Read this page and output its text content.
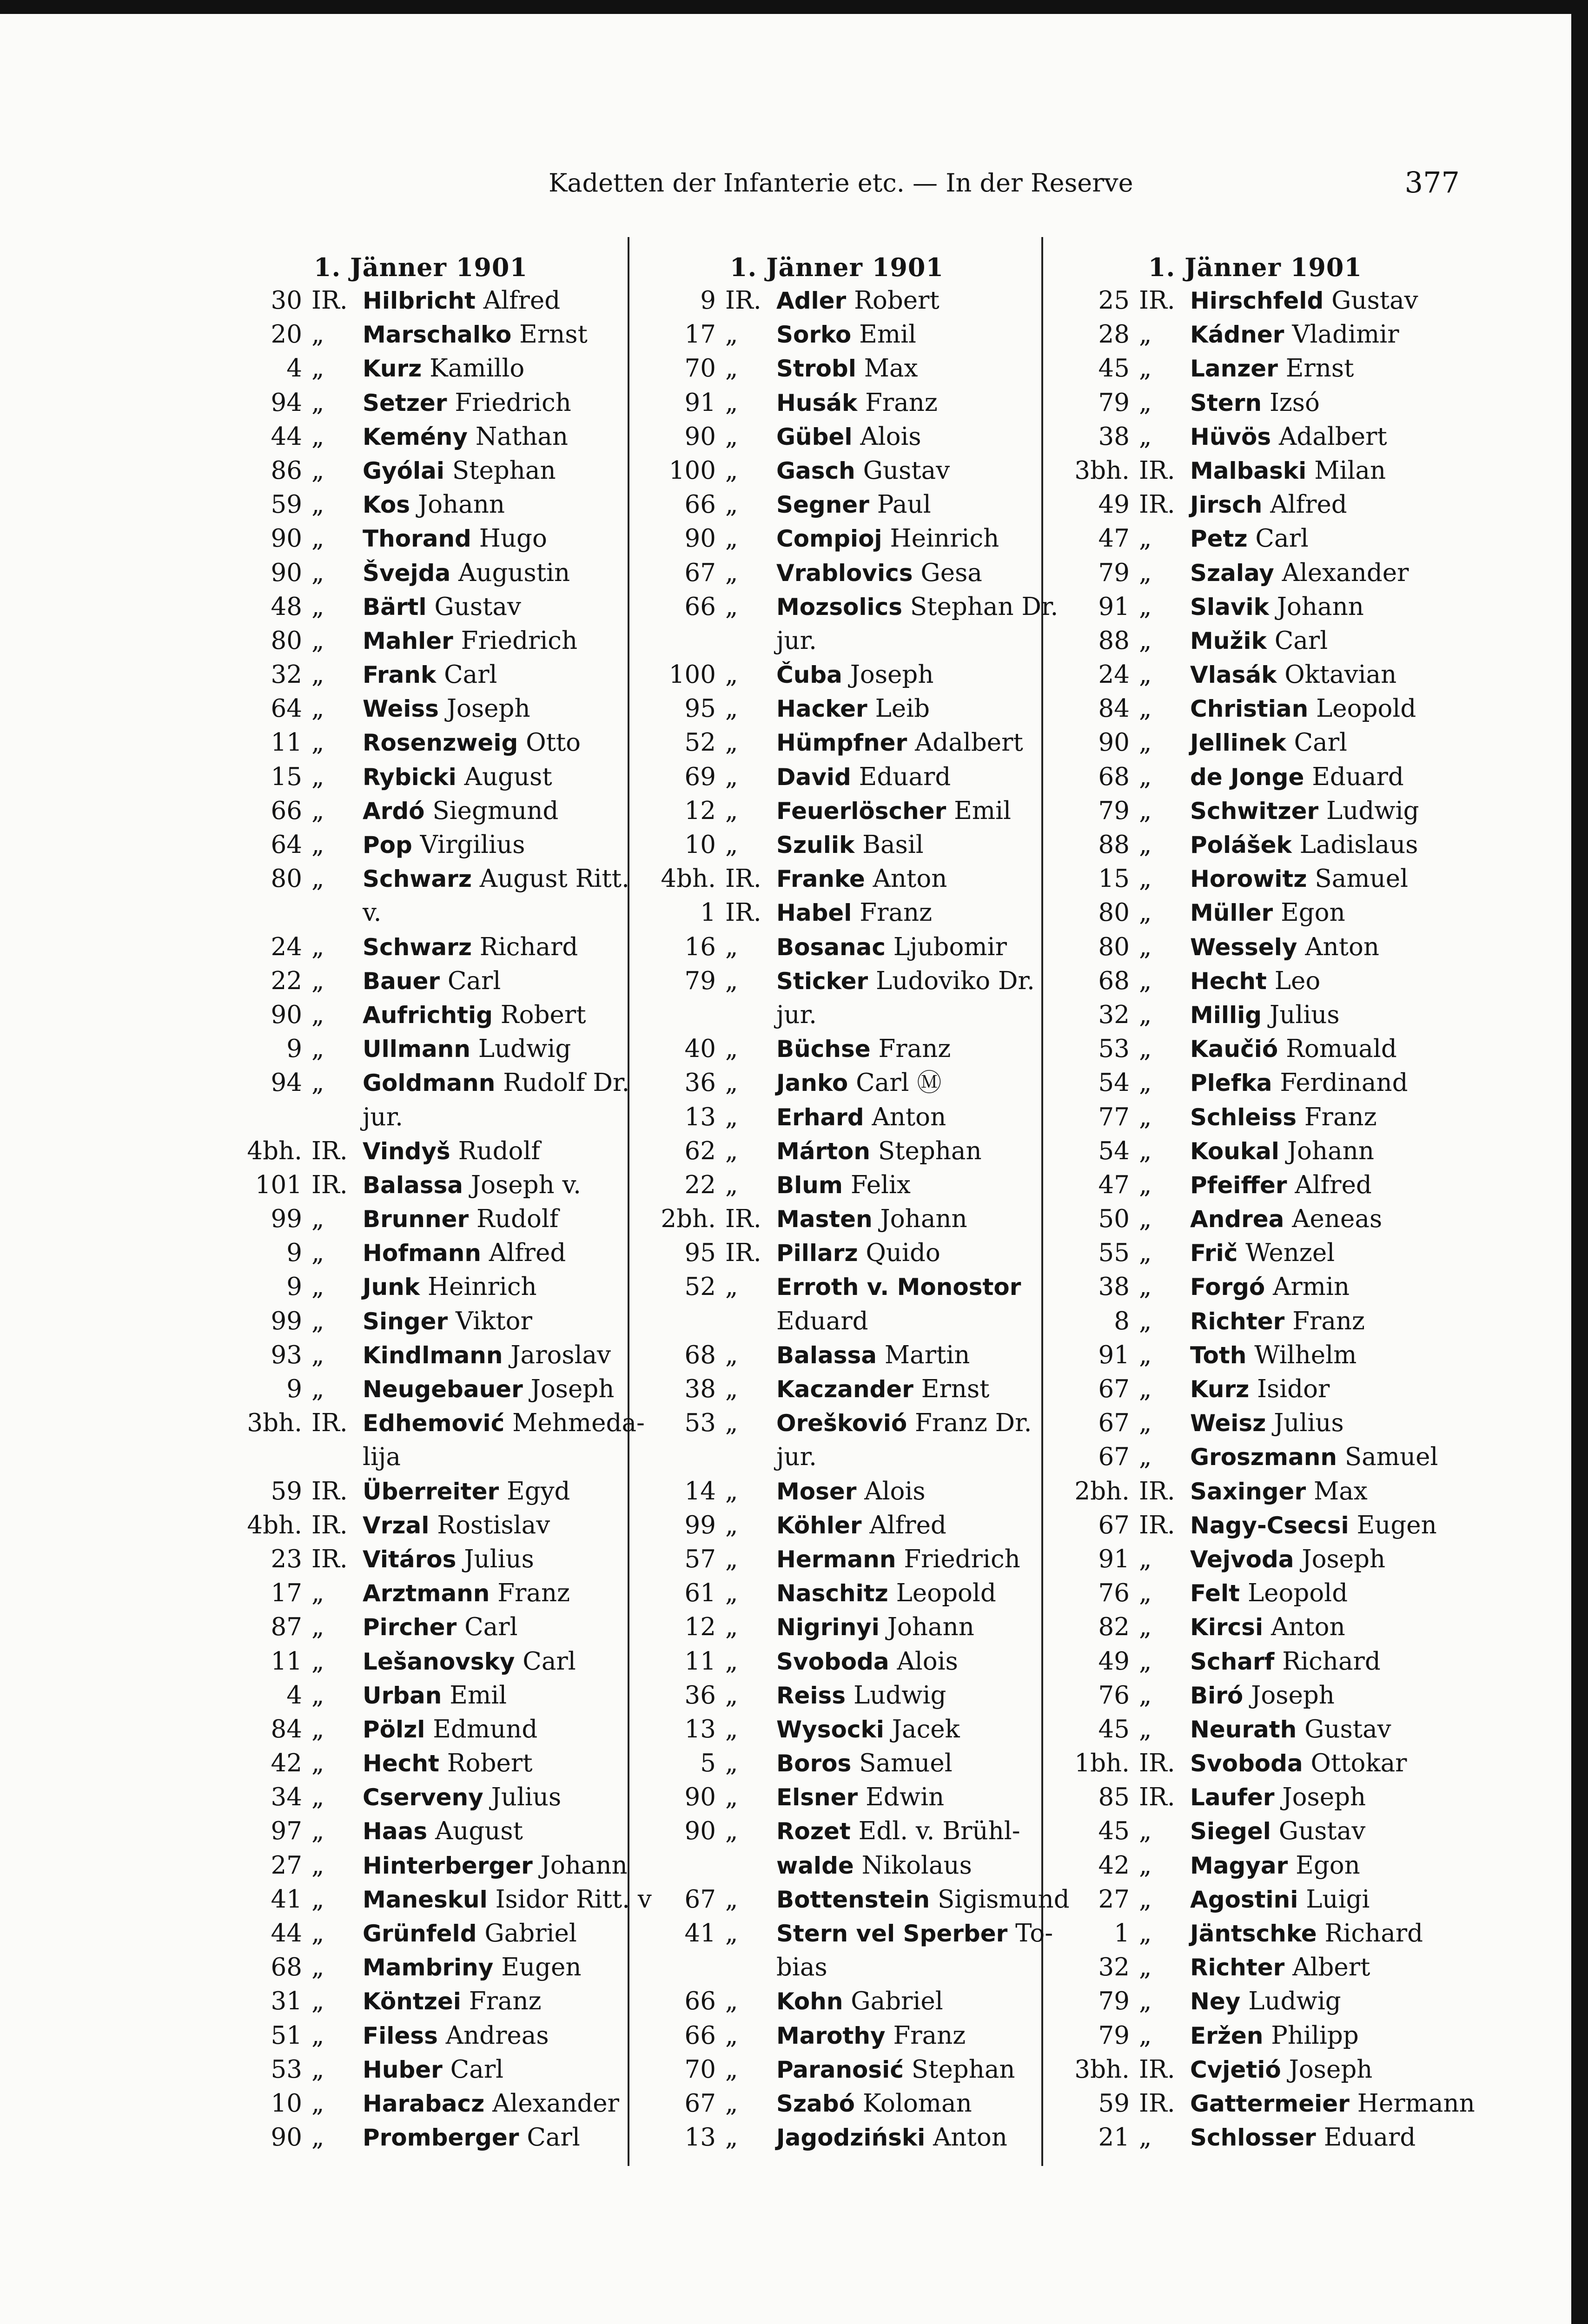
Kadetten der Infanterie etc. — In der Reserve	377
1. Jänner 1901
30 IR. Hilbricht Alfred
20 „ Marschalko Ernst
4 „ Kurz Kamillo
94 „ Setzer Friedrich
44 „ Kemény Nathan
86 „ Gyólai Stephan
59 „ Kos Johann
90 „ Thorand Hugo
90 „ Švejda Augustin
48 „ Bärtl Gustav
80 „ Mahler Friedrich
32 „ Frank Carl
64 „ Weiss Joseph
11 „ Rosenzweig Otto
15 „ Rybicki August
66 „ Ardó Siegmund
64 „ Pop Virgilius
80 „ Schwarz August Ritt.
v.
24 „ Schwarz Richard
22 „ Bauer Carl
90 „ Aufrichtig Robert
9 „ Ullmann Ludwig
94 „ Goldmann Rudolf Dr.
jur.
4bh. IR. Vindyš Rudolf
101 IR. Balassa Joseph v.
99 „ Brunner Rudolf
9 „ Hofmann Alfred
9 „ Junk Heinrich
99 „ Singer Viktor
93 „ Kindlmann Jaroslav
9 „ Neugebauer Joseph
3bh. IR. Edhemović Mehmeda-
lija
59 IR. Überreiter Egyd
4bh. IR. Vrzal Rostislav
23 IR. Vitáros Julius
17 „ Arztmann Franz
87 „ Pircher Carl
11 „ Lešanovsky Carl
4 „ Urban Emil
84 „ Pölzl Edmund
42 „ Hecht Robert
34 „ Cserveny Julius
97 „ Haas August
27 „ Hinterberger Johann
41 „ Maneskul Isidor Ritt. v
44 „ Grünfeld Gabriel
68 „ Mambriny Eugen
31 „ Köntzei Franz
51 „ Filess Andreas
53 „ Huber Carl
10 „ Harabacz Alexander
90 „ Promberger Carl
1. Jänner 1901
9 IR. Adler Robert
17 „ Sorko Emil
70 „ Strobl Max
91 „ Husák Franz
90 „ Gübel Alois
100 „ Gasch Gustav
66 „ Segner Paul
90 „ Compioj Heinrich
67 „ Vrablovics Gesa
66 „ Mozsolics Stephan Dr.
jur.
100 „ Čuba Joseph
95 „ Hacker Leib
52 „ Hümpfner Adalbert
69 „ David Eduard
12 „ Feuerlöscher Emil
10 „ Szulik Basil
4bh. IR. Franke Anton
1 IR. Habel Franz
16 „ Bosanac Ljubomir
79 „ Sticker Ludoviko Dr.
jur.
40 „ Büchse Franz
36 „ Janko Carl Ⓜ
13 „ Erhard Anton
62 „ Márton Stephan
22 „ Blum Felix
2bh. IR. Masten Johann
95 IR. Pillarz Quido
52 „ Erroth v. Monostor
Eduard
68 „ Balassa Martin
38 „ Kaczander Ernst
53 „ Oreškovió Franz Dr.
jur.
14 „ Moser Alois
99 „ Köhler Alfred
57 „ Hermann Friedrich
61 „ Naschitz Leopold
12 „ Nigrinyi Johann
11 „ Svoboda Alois
36 „ Reiss Ludwig
13 „ Wysocki Jacek
5 „ Boros Samuel
90 „ Elsner Edwin
90 „ Rozet Edl. v. Brühl-
walde Nikolaus
67 „ Bottenstein Sigismund
41 „ Stern vel Sperber To-
bias
66 „ Kohn Gabriel
66 „ Marothy Franz
70 „ Paranosić Stephan
67 „ Szabó Koloman
13 „ Jagodziński Anton
1. Jänner 1901
25 IR. Hirschfeld Gustav
28 „ Kádner Vladimir
45 „ Lanzer Ernst
79 „ Stern Izsó
38 „ Hüvös Adalbert
3bh. IR. Malbaski Milan
49 IR. Jirsch Alfred
47 „ Petz Carl
79 „ Szalay Alexander
91 „ Slavik Johann
88 „ Mužik Carl
24 „ Vlasák Oktavian
84 „ Christian Leopold
90 „ Jellinek Carl
68 „ de Jonge Eduard
79 „ Schwitzer Ludwig
88 „ Polášek Ladislaus
15 „ Horowitz Samuel
80 „ Müller Egon
80 „ Wessely Anton
68 „ Hecht Leo
32 „ Millig Julius
53 „ Kaučió Romuald
54 „ Plefka Ferdinand
77 „ Schleiss Franz
54 „ Koukal Johann
47 „ Pfeiffer Alfred
50 „ Andrea Aeneas
55 „ Frič Wenzel
38 „ Forgó Armin
8 „ Richter Franz
91 „ Toth Wilhelm
67 „ Kurz Isidor
67 „ Weisz Julius
67 „ Groszmann Samuel
2bh. IR. Saxinger Max
67 IR. Nagy-Csecsi Eugen
91 „ Vejvoda Joseph
76 „ Felt Leopold
82 „ Kircsi Anton
49 „ Scharf Richard
76 „ Biró Joseph
45 „ Neurath Gustav
1bh. IR. Svoboda Ottokar
85 IR. Laufer Joseph
45 „ Siegel Gustav
42 „ Magyar Egon
27 „ Agostini Luigi
1 „ Jäntschke Richard
32 „ Richter Albert
79 „ Ney Ludwig
79 „ Eržen Philipp
3bh. IR. Cvjetió Joseph
59 IR. Gattermeier Hermann
21 „ Schlosser Eduard
